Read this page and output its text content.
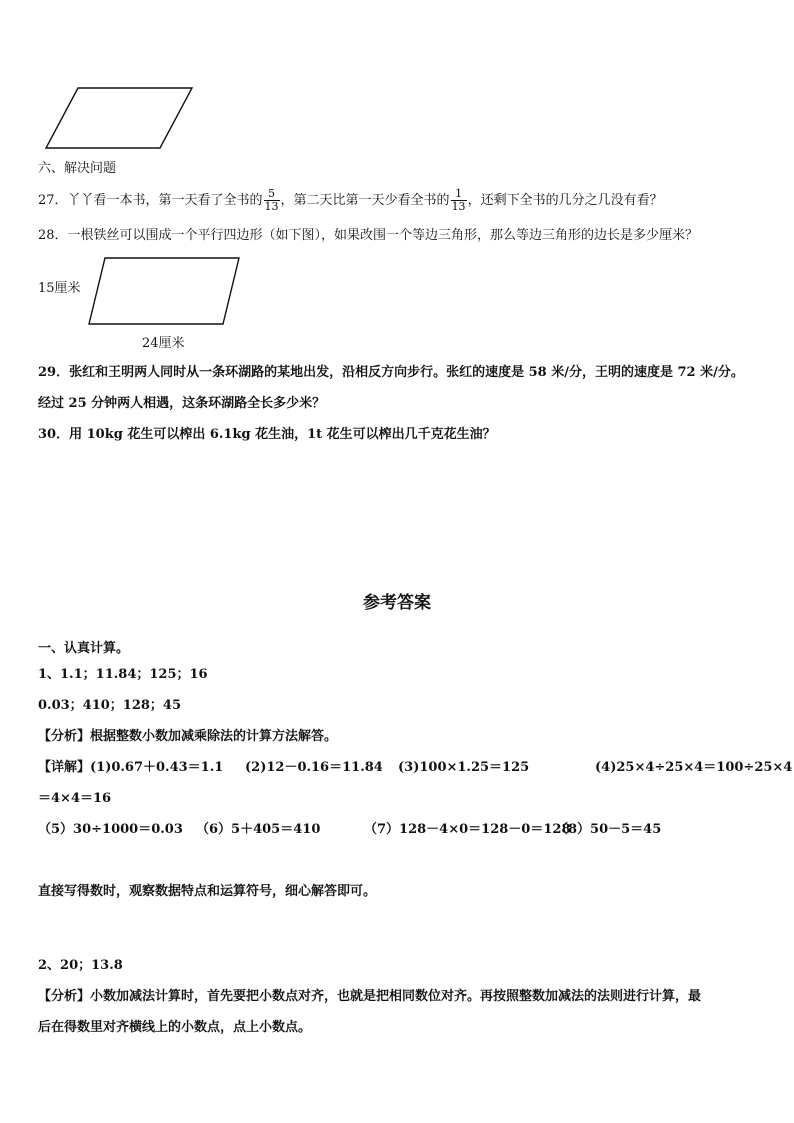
六、解决问题

27．丫丫看一本书，第一天看了全书的 $\frac{5}{13}$ ，第二天比第一天少看全书的 $\frac{1}{13}$ ，还剩下全书的几分之几没有看？

28．一根铁丝可以围成一个平行四边形（如下图），如果改围一个等边三角形，那么等边三角形的边长是多少厘米？

15厘米
24厘米

29．张红和王明两人同时从一条环湖路的某地出发，沿相反方向步行。张红的速度是 58 米/分，王明的速度是 72 米/分。

经过 25 分钟两人相遇，这条环湖路全长多少米？

30．用 10kg 花生可以榨出 6.1kg 花生油，1t 花生可以榨出几千克花生油？

参考答案

一、认真计算。

1、1.1；11.84；125；16

0.03；410；128；45

【分析】根据整数小数加减乘除法的计算方法解答。

【详解】 (1)0.67＋0.43＝1.1 (2)12－0.16＝11.84 (3)100×1.25＝125	(4)25×4÷25×4＝100÷25×4

＝4×4＝16

（5）30÷1000＝0.03 （6）5＋405＝410	（7）128－4×0＝128－0＝128

（8）50－5＝45

直接写得数时，观察数据特点和运算符号，细心解答即可。

2、20；13.8

【分析】小数加减法计算时，首先要把小数点对齐，也就是把相同数位对齐。再按照整数加减法的法则进行计算，最

后在得数里对齐横线上的小数点，点上小数点。
